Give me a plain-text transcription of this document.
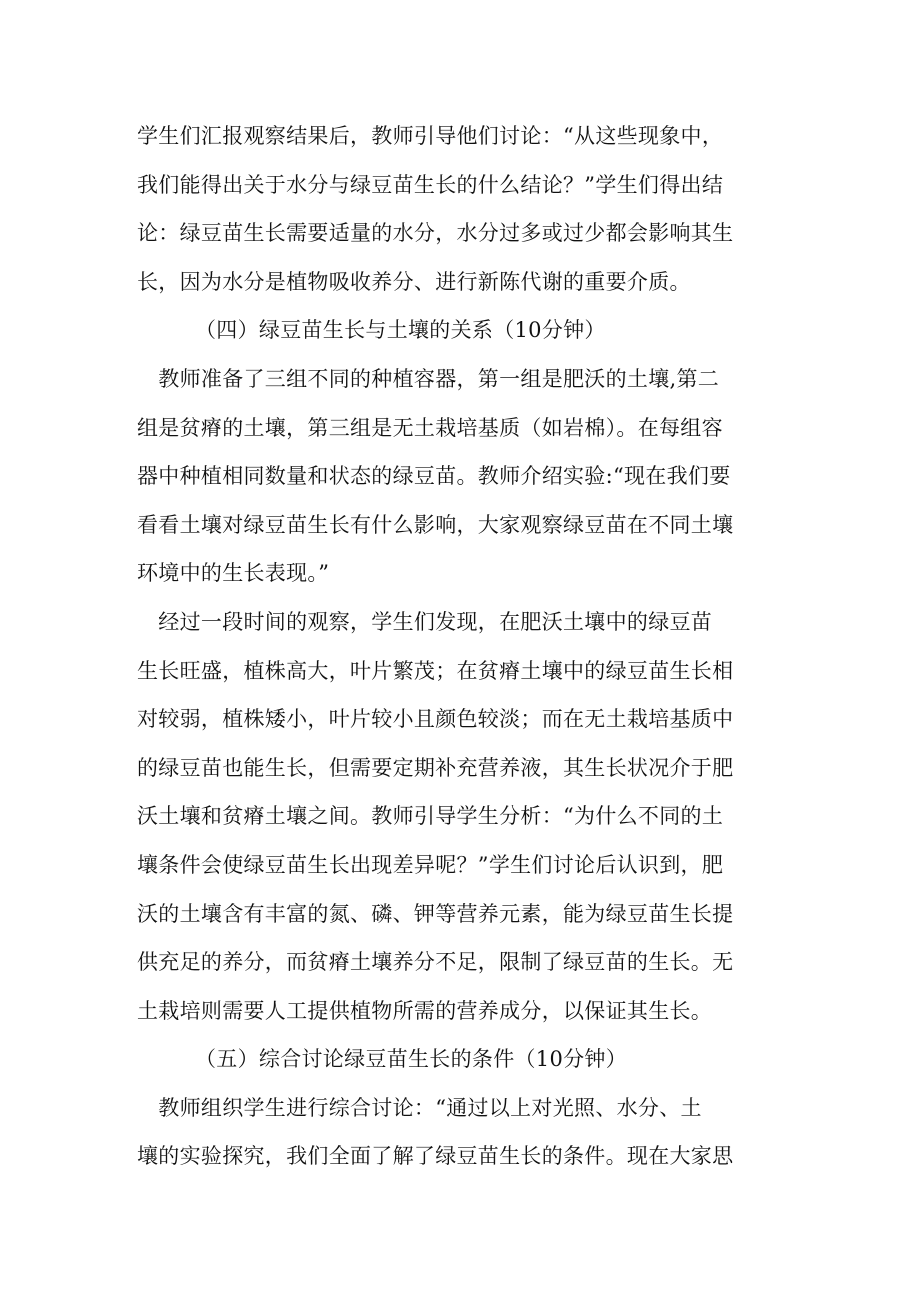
学生们汇报观察结果后，教师引导他们讨论：“从这些现象中，
我们能得出关于水分与绿豆苗生长的什么结论？”学生们得出结
论：绿豆苗生长需要适量的水分，水分过多或过少都会影响其生
长，因为水分是植物吸收养分、进行新陈代谢的重要介质。
（四）绿豆苗生长与土壤的关系（10分钟）
　教师准备了三组不同的种植容器，第一组是肥沃的土壤,第二
组是贫瘠的土壤，第三组是无土栽培基质（如岩棉）。在每组容
器中种植相同数量和状态的绿豆苗。教师介绍实验:“现在我们要
看看土壤对绿豆苗生长有什么影响，大家观察绿豆苗在不同土壤
环境中的生长表现。”
　经过一段时间的观察，学生们发现，在肥沃土壤中的绿豆苗
生长旺盛，植株高大，叶片繁茂；在贫瘠土壤中的绿豆苗生长相
对较弱，植株矮小，叶片较小且颜色较淡；而在无土栽培基质中
的绿豆苗也能生长，但需要定期补充营养液，其生长状况介于肥
沃土壤和贫瘠土壤之间。教师引导学生分析：“为什么不同的土
壤条件会使绿豆苗生长出现差异呢？”学生们讨论后认识到，肥
沃的土壤含有丰富的氮、磷、钾等营养元素，能为绿豆苗生长提
供充足的养分，而贫瘠土壤养分不足，限制了绿豆苗的生长。无
土栽培则需要人工提供植物所需的营养成分，以保证其生长。
（五）综合讨论绿豆苗生长的条件（10分钟）
　教师组织学生进行综合讨论：“通过以上对光照、水分、土
壤的实验探究，我们全面了解了绿豆苗生长的条件。现在大家思
